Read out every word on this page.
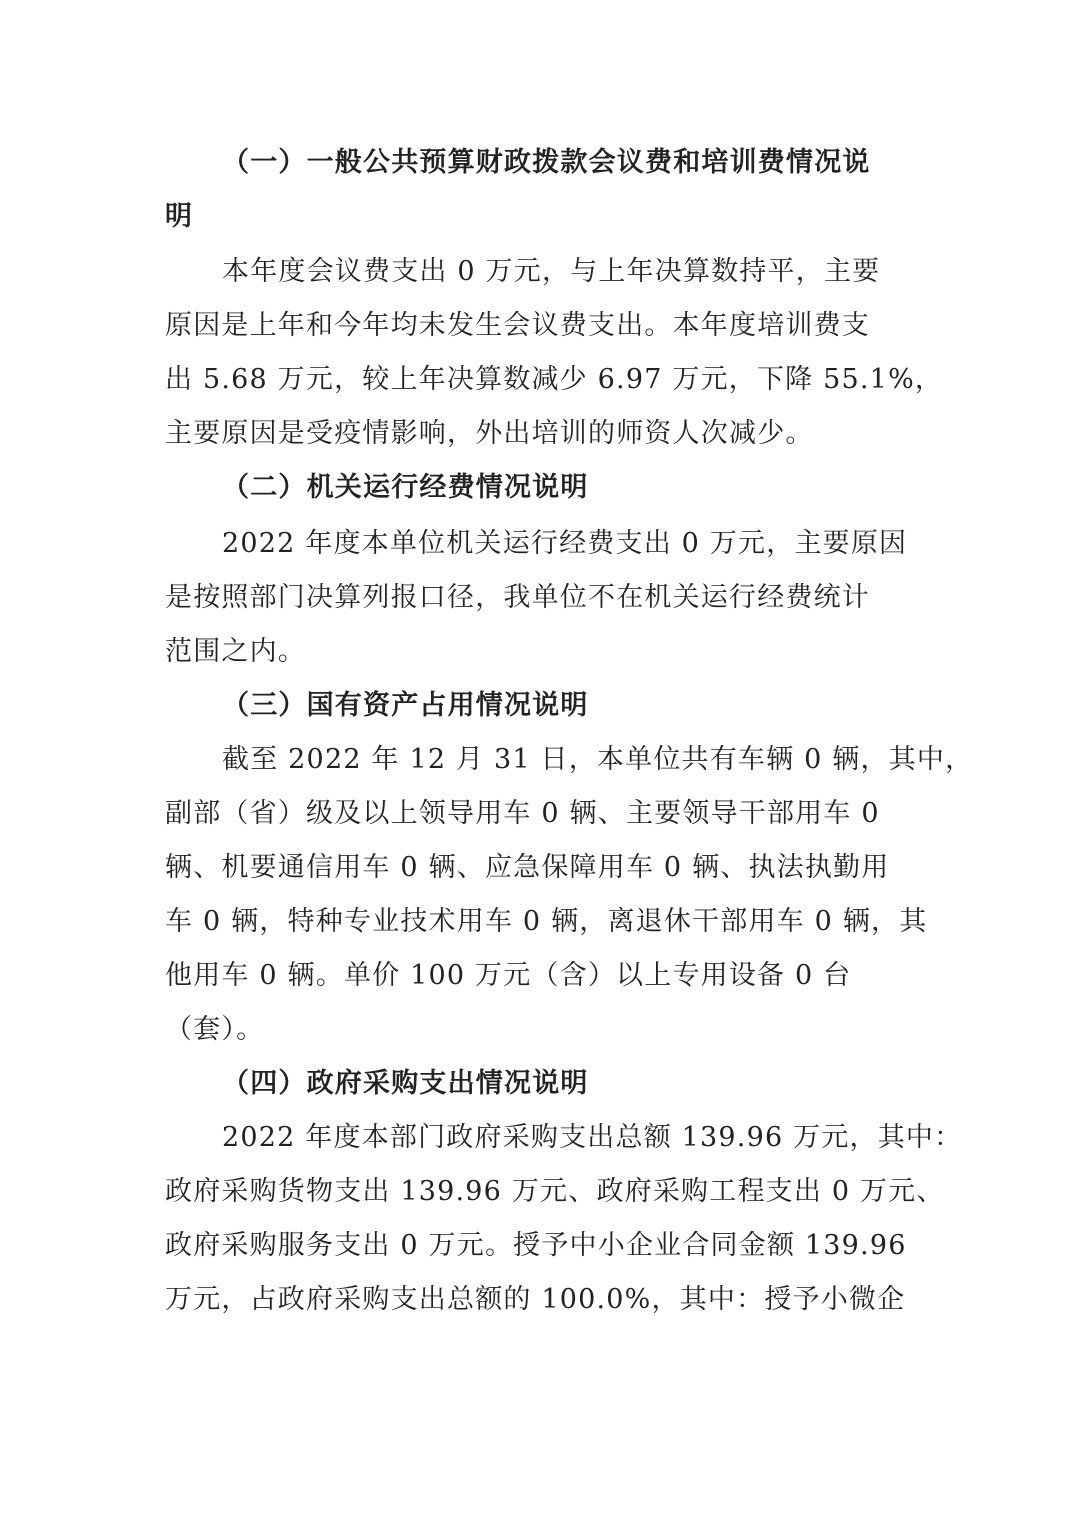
（一）一般公共预算财政拨款会议费和培训费情况说
明
本年度会议费支出 0 万元，与上年决算数持平，主要
原因是上年和今年均未发生会议费支出。本年度培训费支
出 5.68 万元，较上年决算数减少 6.97 万元，下降 55.1%，
主要原因是受疫情影响，外出培训的师资人次减少。
（二）机关运行经费情况说明
2022 年度本单位机关运行经费支出 0 万元，主要原因
是按照部门决算列报口径，我单位不在机关运行经费统计
范围之内。
（三）国有资产占用情况说明
截至 2022 年 12 月 31 日，本单位共有车辆 0 辆，其中，
副部（省）级及以上领导用车 0 辆、主要领导干部用车 0
辆、机要通信用车 0 辆、应急保障用车 0 辆、执法执勤用
车 0 辆，特种专业技术用车 0 辆，离退休干部用车 0 辆，其
他用车 0 辆。单价 100 万元（含）以上专用设备 0 台
（套）。
（四）政府采购支出情况说明
2022 年度本部门政府采购支出总额 139.96 万元，其中：
政府采购货物支出 139.96 万元、政府采购工程支出 0 万元、
政府采购服务支出 0 万元。授予中小企业合同金额 139.96
万元，占政府采购支出总额的 100.0%，其中：授予小微企
